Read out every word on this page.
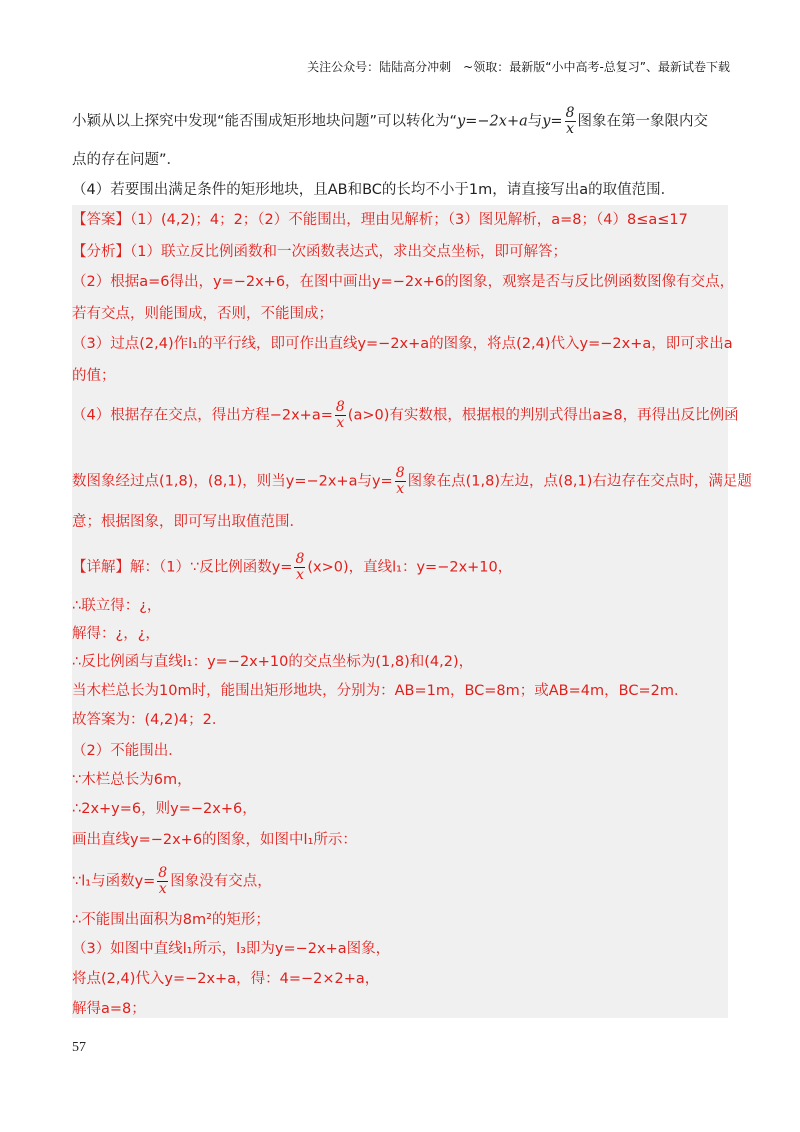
关注公众号：陆陆高分冲刺　~领取：最新版“小中高考-总复习”、最新试卷下载
小颖从以上探究中发现“能否围成矩形地块问题”可以转化为“y=−2x+a与$y= \frac{8}{x}$ 图象在第一象限内交
点的存在问题”．
（4）若要围出满足条件的矩形地块，且AB和BC的长均不小于1m，请直接写出a的取值范围．
【答案】（1）(4,2)；4；2；（2）不能围出，理由见解析；（3）图见解析，a=8；（4）8≤a≤17
【分析】（1）联立反比例函数和一次函数表达式，求出交点坐标，即可解答；
（2）根据a=6得出，y=−2x+6，在图中画出y=−2x+6的图象，观察是否与反比例函数图像有交点，
若有交点，则能围成，否则，不能围成；
（3）过点(2,4)作l₁的平行线，即可作出直线y=−2x+a的图象，将点(2,4)代入y=−2x+a，即可求出a
的值；
（4）根据存在交点，得出方程$-2x+a= \frac{8}{x} (a>0)$有实数根，根据根的判别式得出a≥8，再得出反比例函
数图象经过点(1,8)，(8,1)，则当y=−2x+a与$y= \frac{8}{x}$ 图象在点(1,8)左边，点(8,1)右边存在交点时，满足题
意；根据图象，即可写出取值范围．
【详解】解：（1）∵反比例函数$y= \frac{8}{x} (x>0)$，直线l₁：y=−2x+10，
∴联立得：¿，
解得：¿，¿，
∴反比例函与直线l₁：y=−2x+10的交点坐标为(1,8)和(4,2)，
当木栏总长为10m时，能围出矩形地块，分别为：AB=1m，BC=8m；或AB=4m，BC=2m．
故答案为：(4,2)4；2．
（2）不能围出．
∵木栏总长为6m，
∴2x+y=6，则y=−2x+6，
画出直线y=−2x+6的图象，如图中l₁所示：
∵l₁与函数$y= \frac{8}{x}$ 图象没有交点，
∴不能围出面积为8m²的矩形；
（3）如图中直线l₁所示，l₃即为y=−2x+a图象，
将点(2,4)代入y=−2x+a，得：4=−2×2+a，
解得a=8；
57
